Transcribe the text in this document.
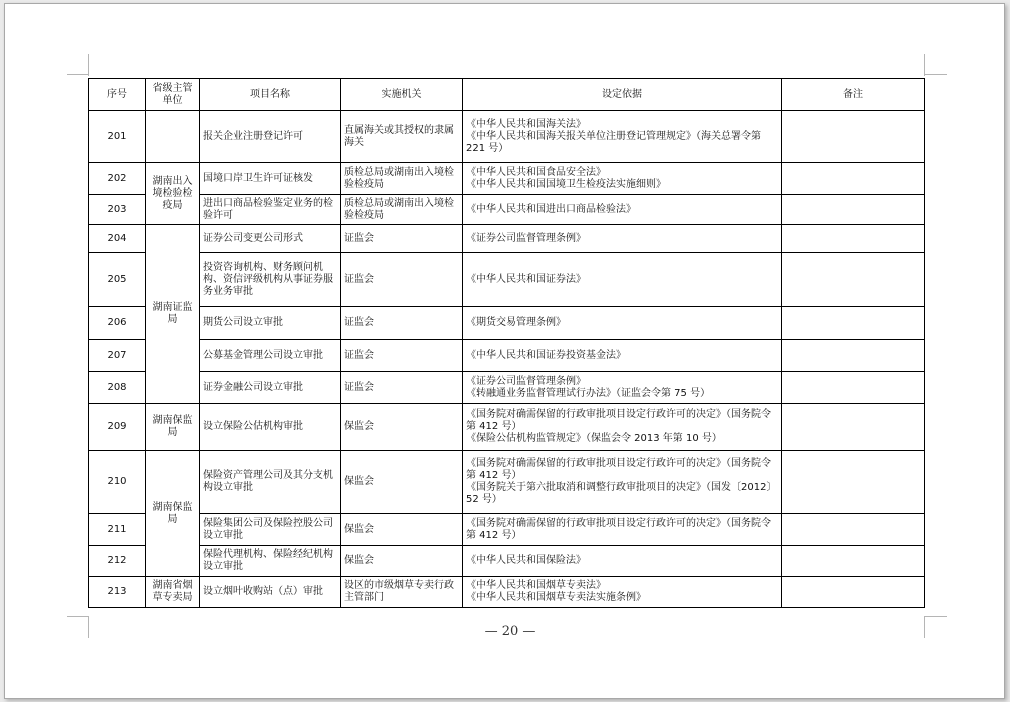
序号	省级主管单位	项目名称	实施机关	设定依据	备注
201		报关企业注册登记许可	直属海关或其授权的隶属海关	《中华人民共和国海关法》
《中华人民共和国海关报关单位注册登记管理规定》（海关总署令第 221 号）	

202	湖南出入境检验检疫局	国境口岸卫生许可证核发	质检总局或湖南出入境检验检疫局	《中华人民共和国食品安全法》
《中华人民共和国国境卫生检疫法实施细则》	

203		进出口商品检验鉴定业务的检验许可	质检总局或湖南出入境检验检疫局	《中华人民共和国进出口商品检验法》	

204	湖南证监局	证券公司变更公司形式	证监会	《证券公司监督管理条例》	

205		投资咨询机构、财务顾问机构、资信评级机构从事证券服务业务审批	证监会	《中华人民共和国证券法》	

206		期货公司设立审批	证监会	《期货交易管理条例》	

207		公募基金管理公司设立审批	证监会	《中华人民共和国证券投资基金法》	

208		证券金融公司设立审批	证监会	《证券公司监督管理条例》
《转融通业务监督管理试行办法》（证监会令第 75 号）	

209	湖南保监局	设立保险公估机构审批	保监会	《国务院对确需保留的行政审批项目设定行政许可的决定》（国务院令第 412 号）
《保险公估机构监管规定》（保监会令 2013 年第 10 号）	

210	湖南保监局	保险资产管理公司及其分支机构设立审批	保监会	《国务院对确需保留的行政审批项目设定行政许可的决定》（国务院令第 412 号）
《国务院关于第六批取消和调整行政审批项目的决定》（国发〔2012〕52 号）	

211		保险集团公司及保险控股公司设立审批	保监会	《国务院对确需保留的行政审批项目设定行政许可的决定》（国务院令第 412 号）	

212		保险代理机构、保险经纪机构设立审批	保监会	《中华人民共和国保险法》	

213	湖南省烟草专卖局	设立烟叶收购站（点）审批	设区的市级烟草专卖行政主管部门	《中华人民共和国烟草专卖法》
《中华人民共和国烟草专卖法实施条例》	

— 20 —
